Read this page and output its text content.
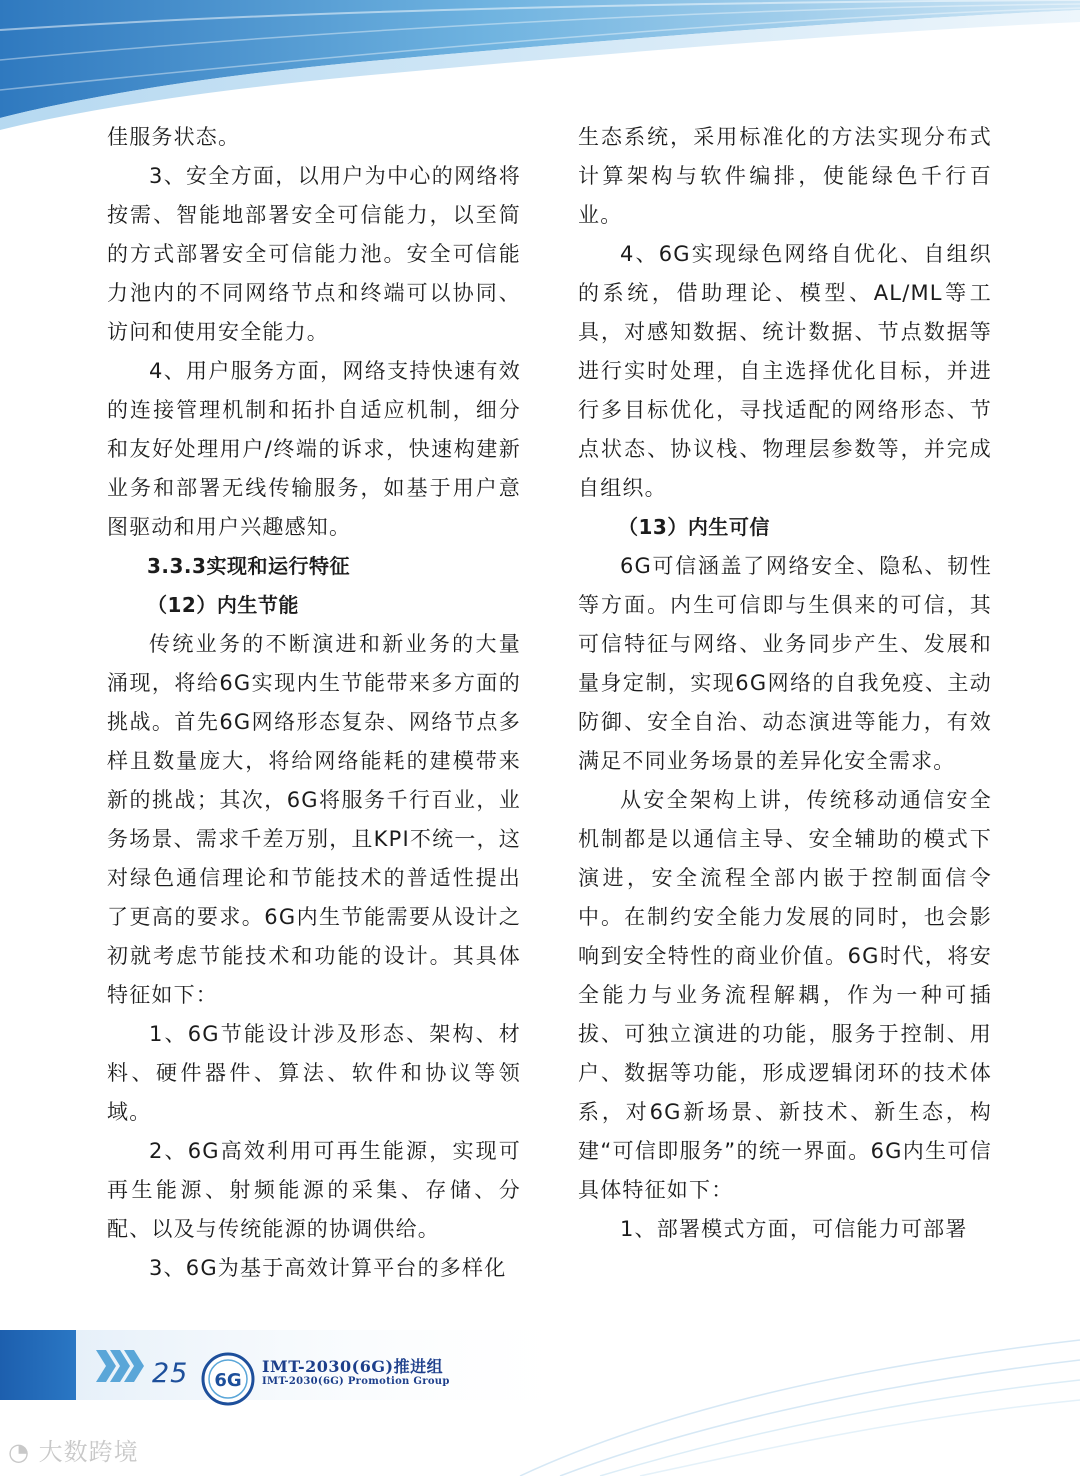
佳服务状态。

3、安全方面，以用户为中心的网络将按需、智能地部署安全可信能力，以至简的方式部署安全可信能力池。安全可信能力池内的不同网络节点和终端可以协同、访问和使用安全能力。

4、用户服务方面，网络支持快速有效的连接管理机制和拓扑自适应机制，细分和友好处理用户/终端的诉求，快速构建新业务和部署无线传输服务，如基于用户意图驱动和用户兴趣感知。

3.3.3实现和运行特征

（12）内生节能

传统业务的不断演进和新业务的大量涌现，将给6G实现内生节能带来多方面的挑战。首先6G网络形态复杂、网络节点多样且数量庞大，将给网络能耗的建模带来新的挑战；其次，6G将服务千行百业，业务场景、需求千差万别，且KPI不统一，这对绿色通信理论和节能技术的普适性提出了更高的要求。6G内生节能需要从设计之初就考虑节能技术和功能的设计。其具体特征如下：

1、6G节能设计涉及形态、架构、材料、硬件器件、算法、软件和协议等领域。

2、6G高效利用可再生能源，实现可再生能源、射频能源的采集、存储、分配、以及与传统能源的协调供给。

3、6G为基于高效计算平台的多样化

生态系统，采用标准化的方法实现分布式计算架构与软件编排，使能绿色千行百业。

4、6G实现绿色网络自优化、自组织的系统，借助理论、模型、AL/ML等工具，对感知数据、统计数据、节点数据等进行实时处理，自主选择优化目标，并进行多目标优化，寻找适配的网络形态、节点状态、协议栈、物理层参数等，并完成自组织。

（13）内生可信

6G可信涵盖了网络安全、隐私、韧性等方面。内生可信即与生俱来的可信，其可信特征与网络、业务同步产生、发展和量身定制，实现6G网络的自我免疫、主动防御、安全自治、动态演进等能力，有效满足不同业务场景的差异化安全需求。

从安全架构上讲，传统移动通信安全机制都是以通信主导、安全辅助的模式下演进，安全流程全部内嵌于控制面信令中。在制约安全能力发展的同时，也会影响到安全特性的商业价值。6G时代，将安全能力与业务流程解耦，作为一种可插拔、可独立演进的功能，服务于控制、用户、数据等功能，形成逻辑闭环的技术体系，对6G新场景、新技术、新生态，构建“可信即服务”的统一界面。6G内生可信具体特征如下：

1、部署模式方面，可信能力可部署

25 6G
IMT-2030(6G)推进组
IMT-2030(6G) Promotion Group
◔ 大数跨境
